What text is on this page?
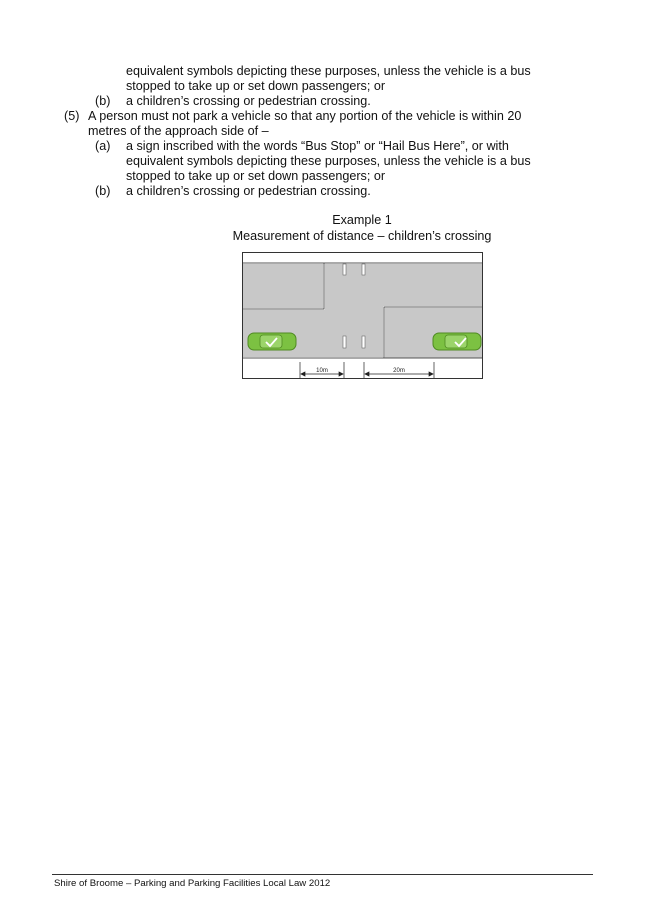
equivalent symbols depicting these purposes, unless the vehicle is a bus
stopped to take up or set down passengers; or
(b) a children’s crossing or pedestrian crossing.
(5) A person must not park a vehicle so that any portion of the vehicle is within 20
metres of the approach side of –
(a) a sign inscribed with the words “Bus Stop” or “Hail Bus Here”, or with
equivalent symbols depicting these purposes, unless the vehicle is a bus
stopped to take up or set down passengers; or
(b) a children’s crossing or pedestrian crossing.
Example 1
Measurement of distance – children’s crossing
10m	20m
Shire of Broome – Parking and Parking Facilities Local Law 2012
